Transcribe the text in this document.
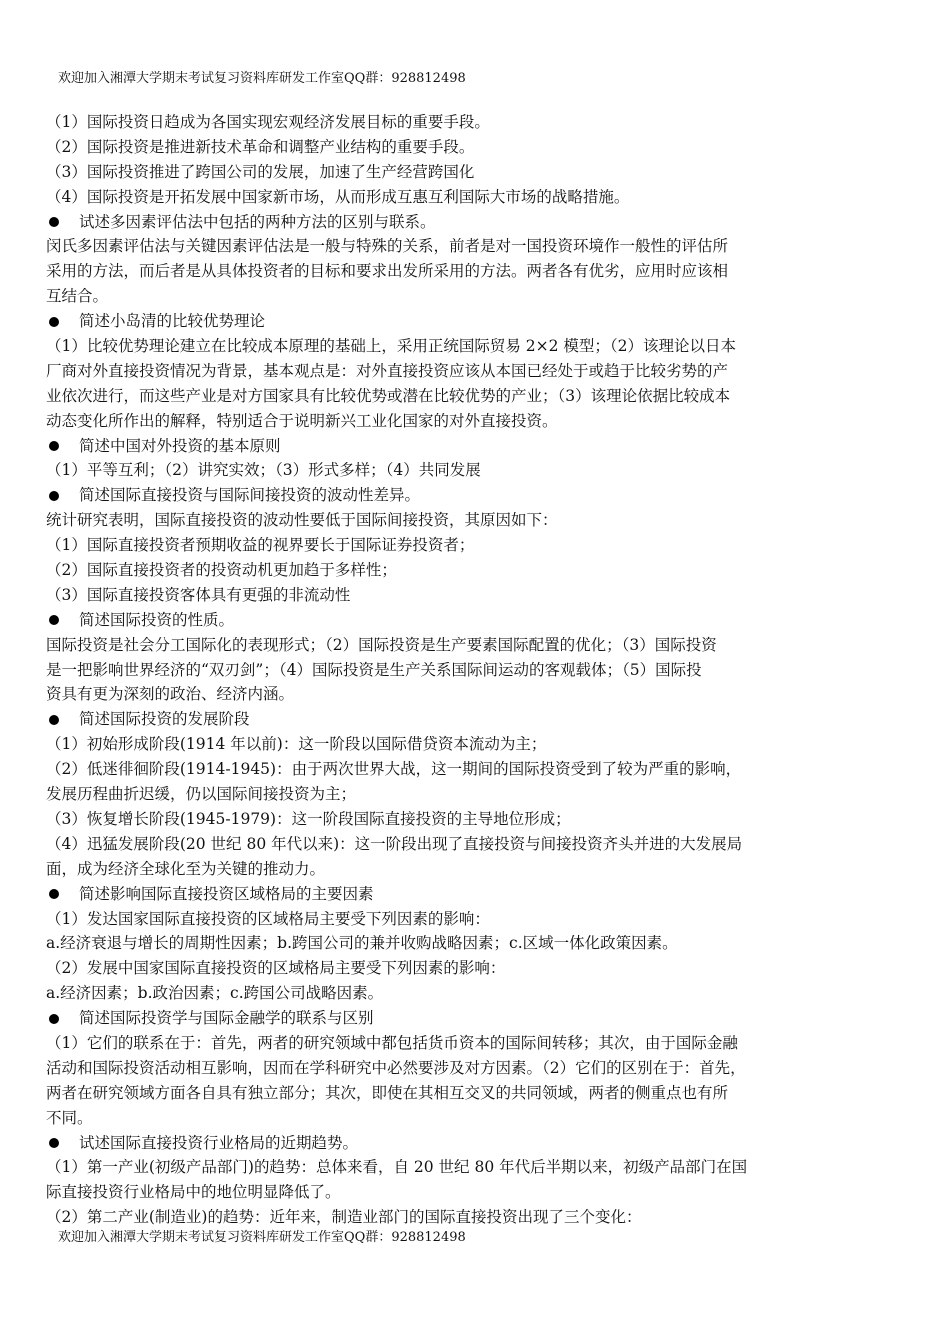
欢迎加入湘潭大学期末考试复习资料库研发工作室QQ群：928812498
（1）国际投资日趋成为各国实现宏观经济发展目标的重要手段。
（2）国际投资是推进新技术革命和调整产业结构的重要手段。
（3）国际投资推进了跨国公司的发展，加速了生产经营跨国化
（4）国际投资是开拓发展中国家新市场，从而形成互惠互利国际大市场的战略措施。
试述多因素评估法中包括的两种方法的区别与联系。
闵氏多因素评估法与关键因素评估法是一般与特殊的关系，前者是对一国投资环境作一般性的评估所
采用的方法，而后者是从具体投资者的目标和要求出发所采用的方法。两者各有优劣，应用时应该相
互结合。
简述小岛清的比较优势理论
（1）比较优势理论建立在比较成本原理的基础上，采用正统国际贸易 2×2 模型；（2）该理论以日本
厂商对外直接投资情况为背景，基本观点是：对外直接投资应该从本国已经处于或趋于比较劣势的产
业依次进行，而这些产业是对方国家具有比较优势或潜在比较优势的产业；（3）该理论依据比较成本
动态变化所作出的解释，特别适合于说明新兴工业化国家的对外直接投资。
简述中国对外投资的基本原则
（1）平等互利；（2）讲究实效；（3）形式多样；（4）共同发展
简述国际直接投资与国际间接投资的波动性差异。
统计研究表明，国际直接投资的波动性要低于国际间接投资，其原因如下：
（1）国际直接投资者预期收益的视界要长于国际证券投资者；
（2）国际直接投资者的投资动机更加趋于多样性；
（3）国际直接投资客体具有更强的非流动性
简述国际投资的性质。
国际投资是社会分工国际化的表现形式；（2）国际投资是生产要素国际配置的优化；（3）国际投资
是一把影响世界经济的“双刃剑”；（4）国际投资是生产关系国际间运动的客观载体；（5）国际投
资具有更为深刻的政治、经济内涵。
简述国际投资的发展阶段
（1）初始形成阶段(1914 年以前)：这一阶段以国际借贷资本流动为主；
（2）低迷徘徊阶段(1914-1945)：由于两次世界大战，这一期间的国际投资受到了较为严重的影响，
发展历程曲折迟缓，仍以国际间接投资为主；
（3）恢复增长阶段(1945-1979)：这一阶段国际直接投资的主导地位形成；
（4）迅猛发展阶段(20 世纪 80 年代以来)：这一阶段出现了直接投资与间接投资齐头并进的大发展局
面，成为经济全球化至为关键的推动力。
简述影响国际直接投资区域格局的主要因素
（1）发达国家国际直接投资的区域格局主要受下列因素的影响：
a.经济衰退与增长的周期性因素；b.跨国公司的兼并收购战略因素；c.区域一体化政策因素。
（2）发展中国家国际直接投资的区域格局主要受下列因素的影响：
a.经济因素；b.政治因素；c.跨国公司战略因素。
简述国际投资学与国际金融学的联系与区别
（1）它们的联系在于：首先，两者的研究领域中都包括货币资本的国际间转移；其次，由于国际金融
活动和国际投资活动相互影响，因而在学科研究中必然要涉及对方因素。（2）它们的区别在于：首先，
两者在研究领域方面各自具有独立部分；其次，即使在其相互交叉的共同领域，两者的侧重点也有所
不同。
试述国际直接投资行业格局的近期趋势。
（1）第一产业(初级产品部门)的趋势：总体来看，自 20 世纪 80 年代后半期以来，初级产品部门在国
际直接投资行业格局中的地位明显降低了。
（2）第二产业(制造业)的趋势：近年来，制造业部门的国际直接投资出现了三个变化：
欢迎加入湘潭大学期末考试复习资料库研发工作室QQ群：928812498
